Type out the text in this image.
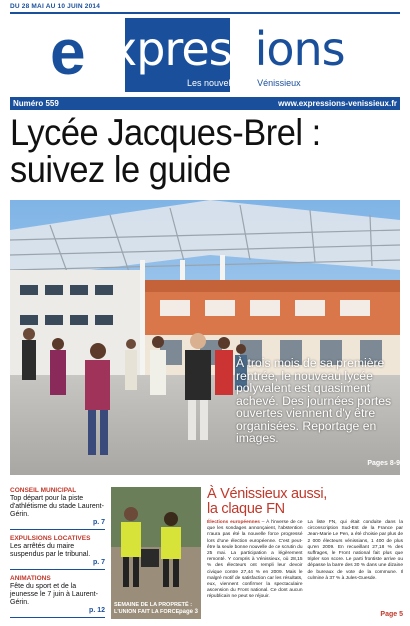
DU 28 MAI AU 10 JUIN 2014
e xpressions
Les nouvelles de Vénissieux
Numéro 559	www.expressions-venissieux.fr
Lycée Jacques-Brel :
suivez le guide
Photo Emilie Jouffe
À trois mois de sa première rentrée, le nouveau lycée polyvalent est quasiment achevé. Des journées portes ouvertes viennent d'y être organisées. Reportage en images.
Pages 8-9
CONSEIL MUNICIPAL
Top départ pour la piste d'athlétisme du stade Laurent-Gérin.
p. 7
EXPULSIONS LOCATIVES
Les arrêtés du maire suspendus par le tribunal.
p. 7
ANIMATIONS
Fête du sport et de la jeunesse le 7 juin à Laurent-Gérin.
p. 12
SEMAINE DE LA PROPRETÉ :
L'UNION FAIT LA FORCE.
page 3
À Vénissieux aussi,
la claque FN
Élections européennes – À l'inverse de ce que les sondages annonçaient, l'abstention n'aura pas été la nouvelle force progressé lors d'une élection européenne. C'est peut-être la seule bonne nouvelle de ce scrutin du 25 mai. La participation a légèrement remonté. Y compris à Vénissieux, où 28,15 % des électeurs ont rempli leur devoir civique contre 27,44 % en 2009. Mais le malgré motif de satisfaction car les résultats, eux, viennent confirmer la spectaculaire ascension du Front national. Ce dont aucun républicain ne peut se réjouir.
La liste FN, qui était conduite dans la circonscription Sud-Est de la France par Jean-Marie Le Pen, a été choisie par plus de 2 000 électeurs vénissians, 1 400 de plus qu'en 2009. En recueillant 27,18 % des suffrages, le Front national fait plus que tripler son score. Le parti frontiste arrive ou dépasse la barre des 30 % dans une dizaine de bureaux de vote de la commune. Il culmine à 37 % à Jules-Guesde.
Page 5
